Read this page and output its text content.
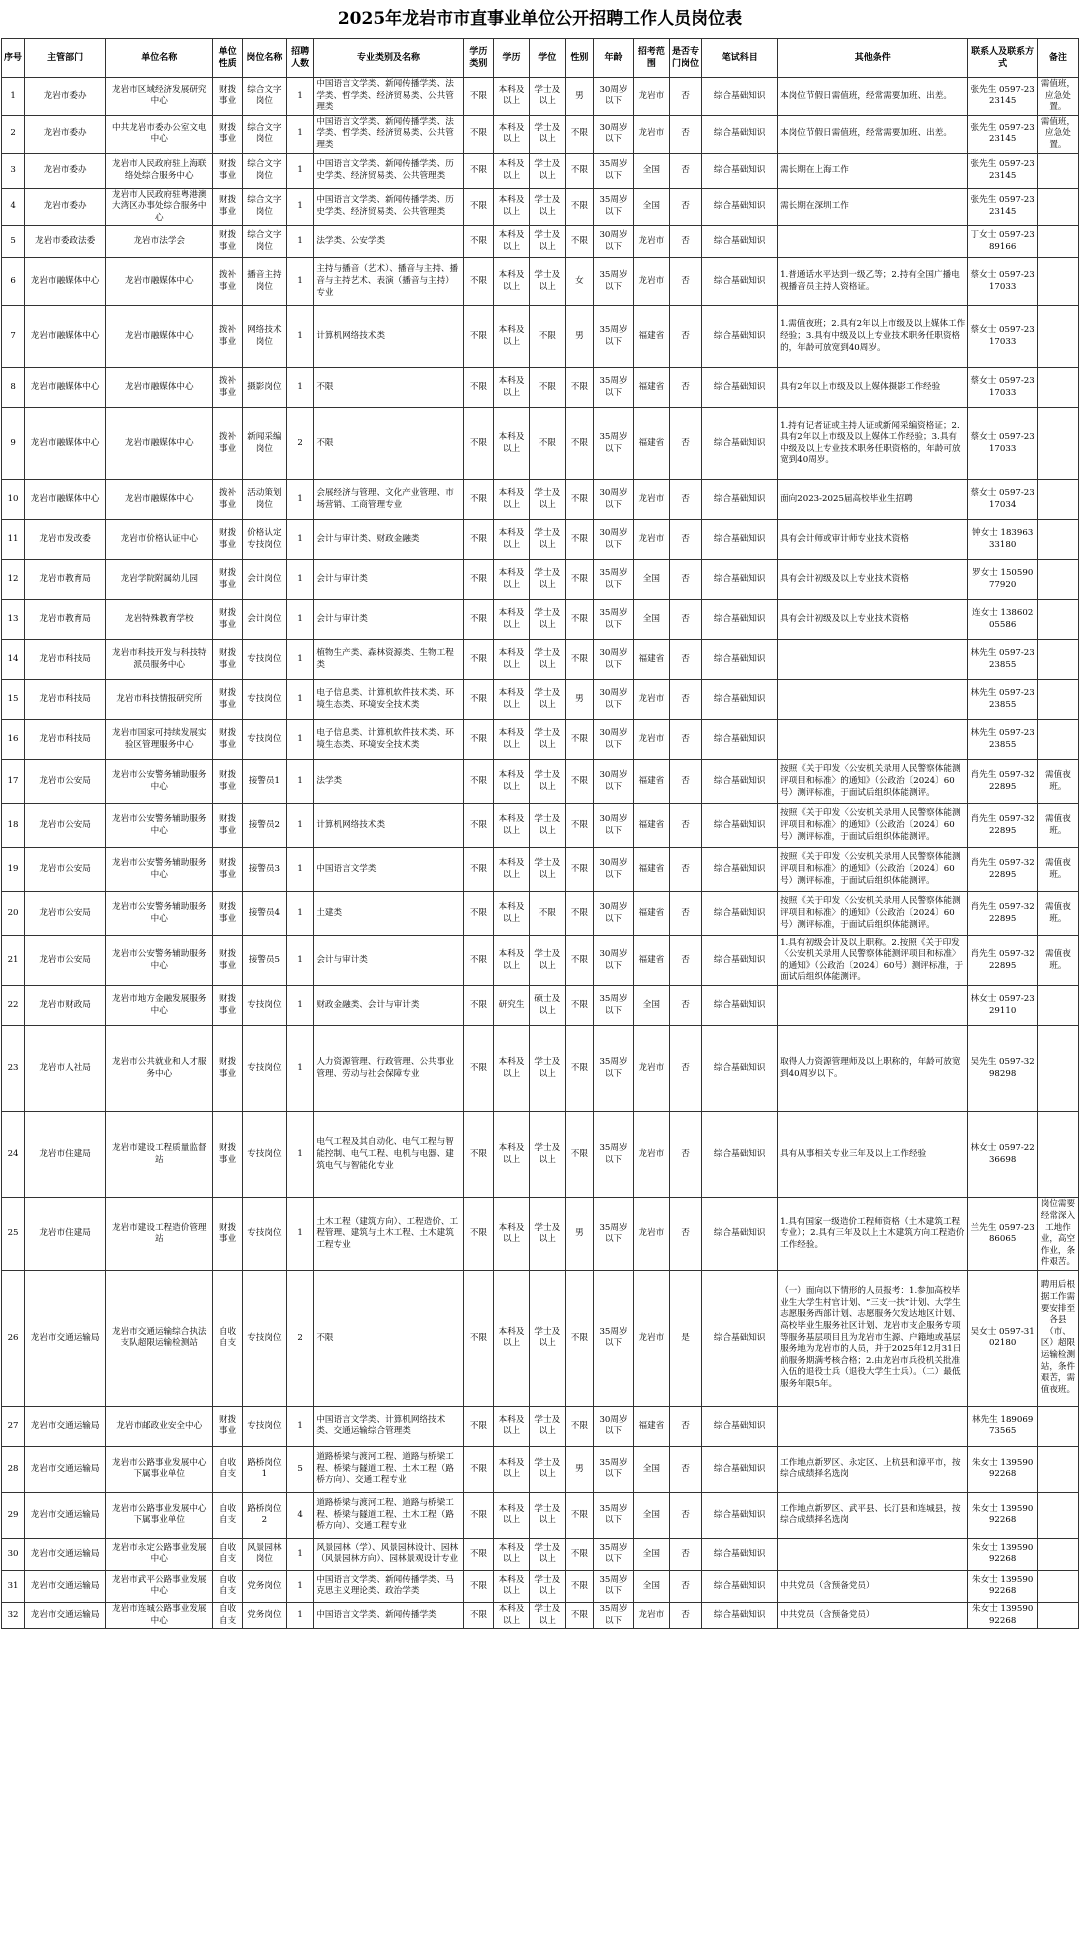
2025年龙岩市市直事业单位公开招聘工作人员岗位表
序号	主管部门	单位名称	单位性质	岗位名称	招聘人数	专业类别及名称	学历类别	学历	学位	性别	年龄	招考范围	是否专门岗位	笔试科目	其他条件	联系人及联系方式	备注
1	龙岩市委办	龙岩市区域经济发展研究中心	财拨事业	综合文字岗位	1	中国语言文学类、新闻传播学类、法学类、哲学类、经济贸易类、公共管理类	不限	本科及以上	学士及以上	男	30周岁以下	龙岩市	否	综合基础知识	本岗位节假日需值班，经常需要加班、出差。	张先生 0597-2323145	需值班，应急处置。
2	龙岩市委办	中共龙岩市委办公室文电中心	财拨事业	综合文字岗位	1	中国语言文学类、新闻传播学类、法学类、哲学类、经济贸易类、公共管理类	不限	本科及以上	学士及以上	不限	30周岁以下	龙岩市	否	综合基础知识	本岗位节假日需值班，经常需要加班、出差。	张先生 0597-2323145	需值班，应急处置。
3	龙岩市委办	龙岩市人民政府驻上海联络处综合服务中心	财拨事业	综合文字岗位	1	中国语言文学类、新闻传播学类、历史学类、经济贸易类、公共管理类	不限	本科及以上	学士及以上	不限	35周岁以下	全国	否	综合基础知识	需长期在上海工作	张先生 0597-2323145	
4	龙岩市委办	龙岩市人民政府驻粤港澳大湾区办事处综合服务中心	财拨事业	综合文字岗位	1	中国语言文学类、新闻传播学类、历史学类、经济贸易类、公共管理类	不限	本科及以上	学士及以上	不限	35周岁以下	全国	否	综合基础知识	需长期在深圳工作	张先生 0597-2323145	
5	龙岩市委政法委	龙岩市法学会	财拨事业	综合文字岗位	1	法学类、公安学类	不限	本科及以上	学士及以上	不限	30周岁以下	龙岩市	否	综合基础知识		丁女士 0597-2389166	
6	龙岩市融媒体中心	龙岩市融媒体中心	拨补事业	播音主持岗位	1	主持与播音（艺术）、播音与主持、播音与主持艺术、表演（播音与主持）专业	不限	本科及以上	学士及以上	女	35周岁以下	龙岩市	否	综合基础知识	1.普通话水平达到一级乙等；2.持有全国广播电视播音员主持人资格证。	蔡女士 0597-2317033	
7	龙岩市融媒体中心	龙岩市融媒体中心	拨补事业	网络技术岗位	1	计算机网络技术类	不限	本科及以上	不限	男	35周岁以下	福建省	否	综合基础知识	1.需值夜班；2.具有2年以上市级及以上媒体工作经验；3.具有中级及以上专业技术职务任职资格的，年龄可放宽到40周岁。	蔡女士 0597-2317033	
8	龙岩市融媒体中心	龙岩市融媒体中心	拨补事业	摄影岗位	1	不限	不限	本科及以上	不限	不限	35周岁以下	福建省	否	综合基础知识	具有2年以上市级及以上媒体摄影工作经验	蔡女士 0597-2317033	
9	龙岩市融媒体中心	龙岩市融媒体中心	拨补事业	新闻采编岗位	2	不限	不限	本科及以上	不限	不限	35周岁以下	福建省	否	综合基础知识	1.持有记者证或主持人证或新闻采编资格证；2.具有2年以上市级及以上媒体工作经验；3.具有中级及以上专业技术职务任职资格的，年龄可放宽到40周岁。	蔡女士 0597-2317033	
10	龙岩市融媒体中心	龙岩市融媒体中心	拨补事业	活动策划岗位	1	会展经济与管理、文化产业管理、市场营销、工商管理专业	不限	本科及以上	学士及以上	不限	30周岁以下	龙岩市	否	综合基础知识	面向2023-2025届高校毕业生招聘	蔡女士 0597-2317034	
11	龙岩市发改委	龙岩市价格认证中心	财拨事业	价格认定专技岗位	1	会计与审计类、财政金融类	不限	本科及以上	学士及以上	不限	30周岁以下	龙岩市	否	综合基础知识	具有会计师或审计师专业技术资格	钟女士 18396333180	
12	龙岩市教育局	龙岩学院附属幼儿园	财拨事业	会计岗位	1	会计与审计类	不限	本科及以上	学士及以上	不限	35周岁以下	全国	否	综合基础知识	具有会计初级及以上专业技术资格	罗女士 15059077920	
13	龙岩市教育局	龙岩特殊教育学校	财拨事业	会计岗位	1	会计与审计类	不限	本科及以上	学士及以上	不限	35周岁以下	全国	否	综合基础知识	具有会计初级及以上专业技术资格	连女士 13860205586	
14	龙岩市科技局	龙岩市科技开发与科技特派员服务中心	财拨事业	专技岗位	1	植物生产类、森林资源类、生物工程类	不限	本科及以上	学士及以上	不限	30周岁以下	福建省	否	综合基础知识		林先生 0597-2323855	
15	龙岩市科技局	龙岩市科技情报研究所	财拨事业	专技岗位	1	电子信息类、计算机软件技术类、环境生态类、环境安全技术类	不限	本科及以上	学士及以上	男	30周岁以下	龙岩市	否	综合基础知识		林先生 0597-2323855	
16	龙岩市科技局	龙岩市国家可持续发展实验区管理服务中心	财拨事业	专技岗位	1	电子信息类、计算机软件技术类、环境生态类、环境安全技术类	不限	本科及以上	学士及以上	不限	30周岁以下	龙岩市	否	综合基础知识		林先生 0597-2323855	
17	龙岩市公安局	龙岩市公安警务辅助服务中心	财拨事业	接警员1	1	法学类	不限	本科及以上	学士及以上	不限	30周岁以下	福建省	否	综合基础知识	按照《关于印发〈公安机关录用人民警察体能测评项目和标准〉的通知》（公政治〔2024〕60号）测评标准，于面试后组织体能测评。	肖先生 0597-3222895	需值夜班。
18	龙岩市公安局	龙岩市公安警务辅助服务中心	财拨事业	接警员2	1	计算机网络技术类	不限	本科及以上	学士及以上	不限	30周岁以下	福建省	否	综合基础知识	按照《关于印发〈公安机关录用人民警察体能测评项目和标准〉的通知》（公政治〔2024〕60号）测评标准，于面试后组织体能测评。	肖先生 0597-3222895	需值夜班。
19	龙岩市公安局	龙岩市公安警务辅助服务中心	财拨事业	接警员3	1	中国语言文学类	不限	本科及以上	学士及以上	不限	30周岁以下	福建省	否	综合基础知识	按照《关于印发〈公安机关录用人民警察体能测评项目和标准〉的通知》（公政治〔2024〕60号）测评标准，于面试后组织体能测评。	肖先生 0597-3222895	需值夜班。
20	龙岩市公安局	龙岩市公安警务辅助服务中心	财拨事业	接警员4	1	土建类	不限	本科及以上	不限	不限	30周岁以下	福建省	否	综合基础知识	按照《关于印发〈公安机关录用人民警察体能测评项目和标准〉的通知》（公政治〔2024〕60号）测评标准，于面试后组织体能测评。	肖先生 0597-3222895	需值夜班。
21	龙岩市公安局	龙岩市公安警务辅助服务中心	财拨事业	接警员5	1	会计与审计类	不限	本科及以上	学士及以上	不限	30周岁以下	福建省	否	综合基础知识	1.具有初级会计及以上职称。2.按照《关于印发〈公安机关录用人民警察体能测评项目和标准〉的通知》（公政治〔2024〕60号）测评标准，于面试后组织体能测评。	肖先生 0597-3222895	需值夜班。
22	龙岩市财政局	龙岩市地方金融发展服务中心	财拨事业	专技岗位	1	财政金融类、会计与审计类	不限	研究生	硕士及以上	不限	35周岁以下	全国	否	综合基础知识		林女士 0597-2329110	
23	龙岩市人社局	龙岩市公共就业和人才服务中心	财拨事业	专技岗位	1	人力资源管理、行政管理、公共事业管理、劳动与社会保障专业	不限	本科及以上	学士及以上	不限	35周岁以下	龙岩市	否	综合基础知识	取得人力资源管理师及以上职称的，年龄可放宽到40周岁以下。	吴先生 0597-3298298	
24	龙岩市住建局	龙岩市建设工程质量监督站	财拨事业	专技岗位	1	电气工程及其自动化、电气工程与智能控制、电气工程、电机与电器、建筑电气与智能化专业	不限	本科及以上	学士及以上	不限	35周岁以下	龙岩市	否	综合基础知识	具有从事相关专业三年及以上工作经验	林女士 0597-2236698	
25	龙岩市住建局	龙岩市建设工程造价管理站	财拨事业	专技岗位	1	土木工程（建筑方向）、工程造价、工程管理、建筑与土木工程、土木建筑工程专业	不限	本科及以上	学士及以上	男	35周岁以下	龙岩市	否	综合基础知识	1.具有国家一级造价工程师资格（土木建筑工程专业）；2.具有三年及以上土木建筑方向工程造价工作经验。	兰先生 0597-2386065	岗位需要经常深入工地作业，高空作业，条件艰苦。
26	龙岩市交通运输局	龙岩市交通运输综合执法支队超限运输检测站	自收自支	专技岗位	2	不限	不限	本科及以上	学士及以上	不限	35周岁以下	龙岩市	是	综合基础知识	（一）面向以下情形的人员报考：1.参加高校毕业生大学生村官计划、“三支一扶”计划、大学生志愿服务西部计划、志愿服务欠发达地区计划、高校毕业生服务社区计划、龙岩市支企服务专项等服务基层项目且为龙岩市生源、户籍地或基层服务地为龙岩市的人员，并于2025年12月31日前服务期满考核合格；2.由龙岩市兵役机关批准入伍的退役士兵（退役大学生士兵）。（二）最低服务年限5年。	吴女士 0597-3102180	聘用后根据工作需要安排至各县（市、区）超限运输检测站，条件艰苦，需值夜班。
27	龙岩市交通运输局	龙岩市邮政业安全中心	财拨事业	专技岗位	1	中国语言文学类、计算机网络技术类、交通运输综合管理类	不限	本科及以上	学士及以上	不限	30周岁以下	福建省	否	综合基础知识		林先生 18906973565	
28	龙岩市交通运输局	龙岩市公路事业发展中心下属事业单位	自收自支	路桥岗位1	5	道路桥梁与渡河工程、道路与桥梁工程、桥梁与隧道工程、土木工程（路桥方向）、交通工程专业	不限	本科及以上	学士及以上	男	35周岁以下	全国	否	综合基础知识	工作地点新罗区、永定区、上杭县和漳平市，按综合成绩择名选岗	朱女士 13959092268	
29	龙岩市交通运输局	龙岩市公路事业发展中心下属事业单位	自收自支	路桥岗位2	4	道路桥梁与渡河工程、道路与桥梁工程、桥梁与隧道工程、土木工程（路桥方向）、交通工程专业	不限	本科及以上	学士及以上	不限	35周岁以下	全国	否	综合基础知识	工作地点新罗区、武平县、长汀县和连城县，按综合成绩择名选岗	朱女士 13959092268	
30	龙岩市交通运输局	龙岩市永定公路事业发展中心	自收自支	风景园林岗位	1	风景园林（学）、风景园林设计、园林（风景园林方向）、园林景观设计专业	不限	本科及以上	学士及以上	不限	35周岁以下	全国	否	综合基础知识		朱女士 13959092268	
31	龙岩市交通运输局	龙岩市武平公路事业发展中心	自收自支	党务岗位	1	中国语言文学类、新闻传播学类、马克思主义理论类、政治学类	不限	本科及以上	学士及以上	不限	35周岁以下	全国	否	综合基础知识	中共党员（含预备党员）	朱女士 13959092268	
32	龙岩市交通运输局	龙岩市连城公路事业发展中心	自收自支	党务岗位	1	中国语言文学类、新闻传播学类	不限	本科及以上	学士及以上	不限	35周岁以下	龙岩市	否	综合基础知识	中共党员（含预备党员）	朱女士 13959092268	
